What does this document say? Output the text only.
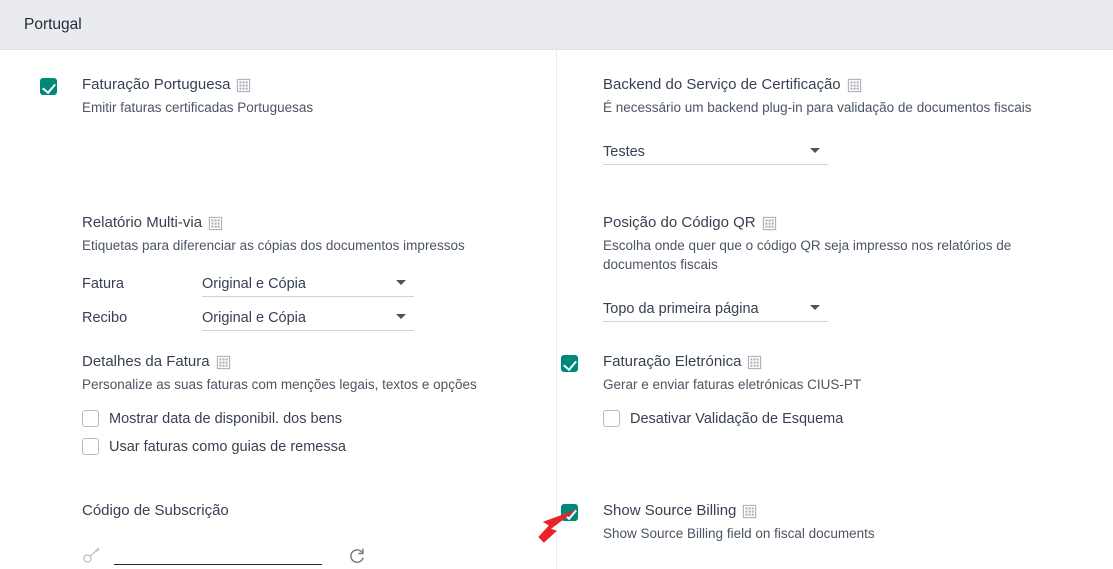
Portugal
Faturação Portuguesa
Emitir faturas certificadas Portuguesas
Relatório Multi-via
Etiquetas para diferenciar as cópias dos documentos impressos
Fatura	Original e Cópia
Recibo	Original e Cópia
Detalhes da Fatura
Personalize as suas faturas com menções legais, textos e opções
Mostrar data de disponibil. dos bens
Usar faturas como guias de remessa
Código de Subscrição
Backend do Serviço de Certificação
É necessário um backend plug-in para validação de documentos fiscais
Testes
Posição do Código QR
Escolha onde quer que o código QR seja impresso nos relatórios de documentos fiscais
Topo da primeira página
Faturação Eletrónica
Gerar e enviar faturas eletrónicas CIUS-PT
Desativar Validação de Esquema
Show Source Billing
Show Source Billing field on fiscal documents
